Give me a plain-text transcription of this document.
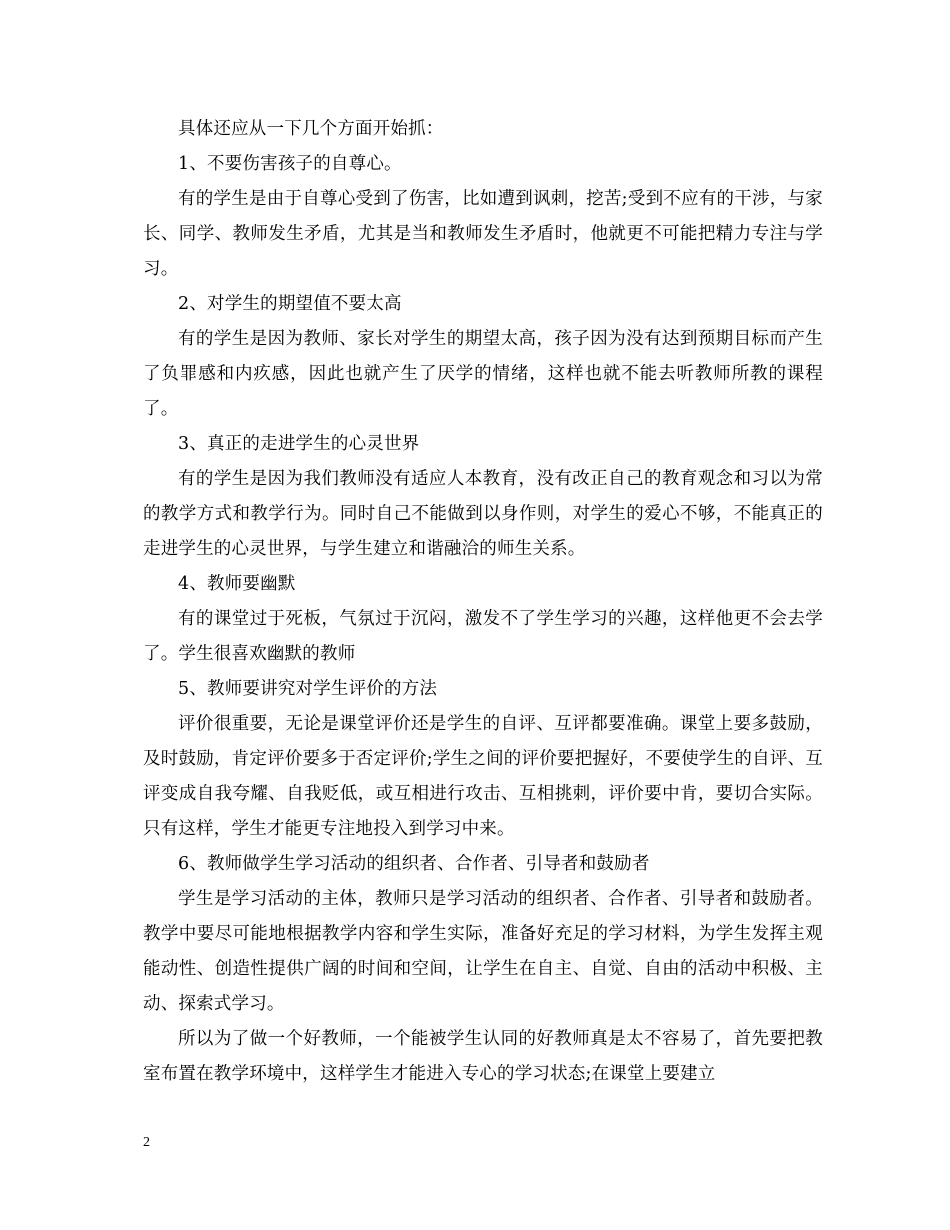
具体还应从一下几个方面开始抓：

1、不要伤害孩子的自尊心。

有的学生是由于自尊心受到了伤害，比如遭到讽刺，挖苦;受到不应有的干涉，与家长、同学、教师发生矛盾，尤其是当和教师发生矛盾时，他就更不可能把精力专注与学习。

2、对学生的期望值不要太高

有的学生是因为教师、家长对学生的期望太高，孩子因为没有达到预期目标而产生了负罪感和内疚感，因此也就产生了厌学的情绪，这样也就不能去听教师所教的课程了。

3、真正的走进学生的心灵世界

有的学生是因为我们教师没有适应人本教育，没有改正自己的教育观念和习以为常的教学方式和教学行为。同时自己不能做到以身作则，对学生的爱心不够，不能真正的走进学生的心灵世界，与学生建立和谐融洽的师生关系。

4、教师要幽默

有的课堂过于死板，气氛过于沉闷，激发不了学生学习的兴趣，这样他更不会去学了。学生很喜欢幽默的教师

5、教师要讲究对学生评价的方法

评价很重要，无论是课堂评价还是学生的自评、互评都要准确。课堂上要多鼓励，及时鼓励，肯定评价要多于否定评价;学生之间的评价要把握好，不要使学生的自评、互评变成自我夸耀、自我贬低，或互相进行攻击、互相挑刺，评价要中肯，要切合实际。只有这样，学生才能更专注地投入到学习中来。

6、教师做学生学习活动的组织者、合作者、引导者和鼓励者

学生是学习活动的主体，教师只是学习活动的组织者、合作者、引导者和鼓励者。教学中要尽可能地根据教学内容和学生实际，准备好充足的学习材料，为学生发挥主观能动性、创造性提供广阔的时间和空间，让学生在自主、自觉、自由的活动中积极、主动、探索式学习。

所以为了做一个好教师，一个能被学生认同的好教师真是太不容易了，首先要把教室布置在教学环境中，这样学生才能进入专心的学习状态;在课堂上要建立

2
